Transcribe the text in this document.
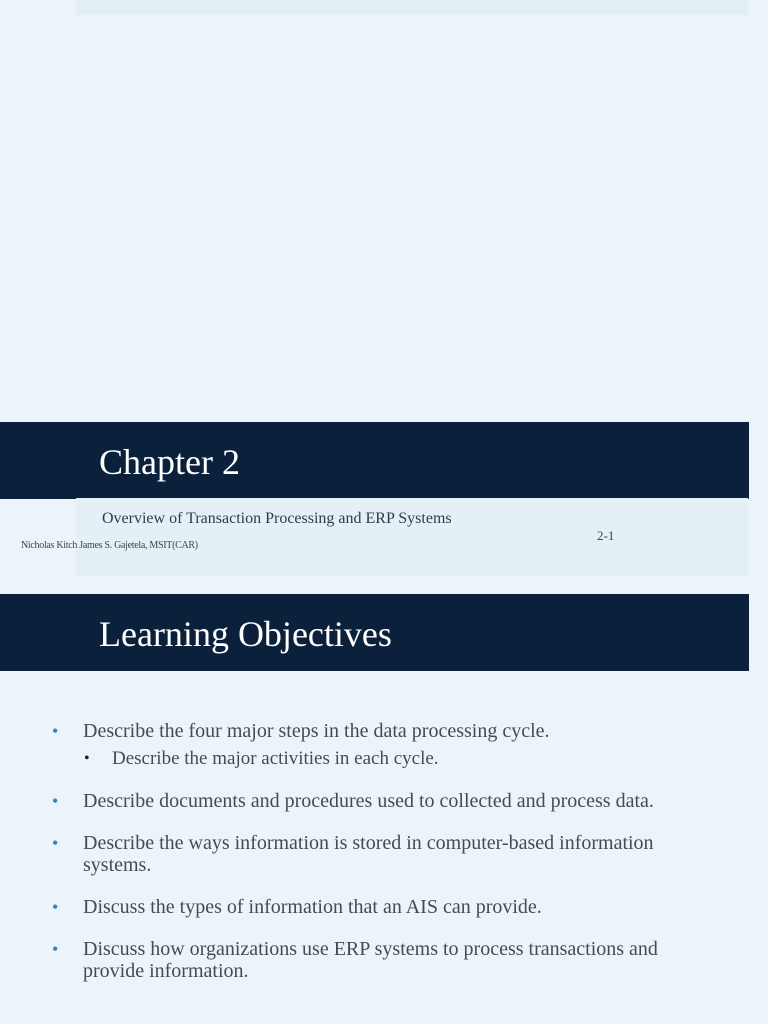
Chapter 2
Overview of Transaction Processing and ERP Systems
Nicholas Kitch James S. Gajetela, MSIT(CAR)
2-1
Learning Objectives
• Describe the four major steps in the data processing cycle.
• Describe the major activities in each cycle.
• Describe documents and procedures used to collected and process data.
• Describe the ways information is stored in computer-based information systems.
• Discuss the types of information that an AIS can provide.
• Discuss how organizations use ERP systems to process transactions and provide information.
